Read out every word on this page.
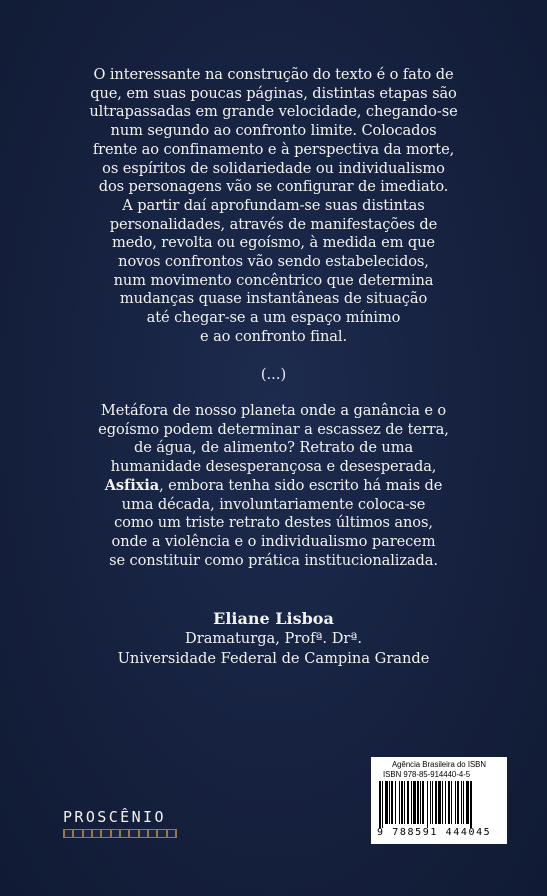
O interessante na construção do texto é o fato de

que, em suas poucas páginas, distintas etapas são

ultrapassadas em grande velocidade, chegando-se

num segundo ao confronto limite. Colocados

frente ao confinamento e à perspectiva da morte,

os espíritos de solidariedade ou individualismo

dos personagens vão se configurar de imediato.

A partir daí aprofundam-se suas distintas

personalidades, através de manifestações de

medo, revolta ou egoísmo, à medida em que

novos confrontos vão sendo estabelecidos,

num movimento concêntrico que determina

mudanças quase instantâneas de situação

até chegar-se a um espaço mínimo

e ao confronto final.

(...)

Metáfora de nosso planeta onde a ganância e o

egoísmo podem determinar a escassez de terra,

de água, de alimento? Retrato de uma

humanidade desesperançosa e desesperada,

Asfixia, embora tenha sido escrito há mais de

uma década, involuntariamente coloca-se

como um triste retrato destes últimos anos,

onde a violência e o individualismo parecem

se constituir como prática institucionalizada.

Eliane Lisboa
Dramaturga, Profª. Drª.
Universidade Federal de Campina Grande
PROSCÊNIO
Agência Brasileira do ISBN
ISBN 978-85-914440-4-5
9 788591 444045
